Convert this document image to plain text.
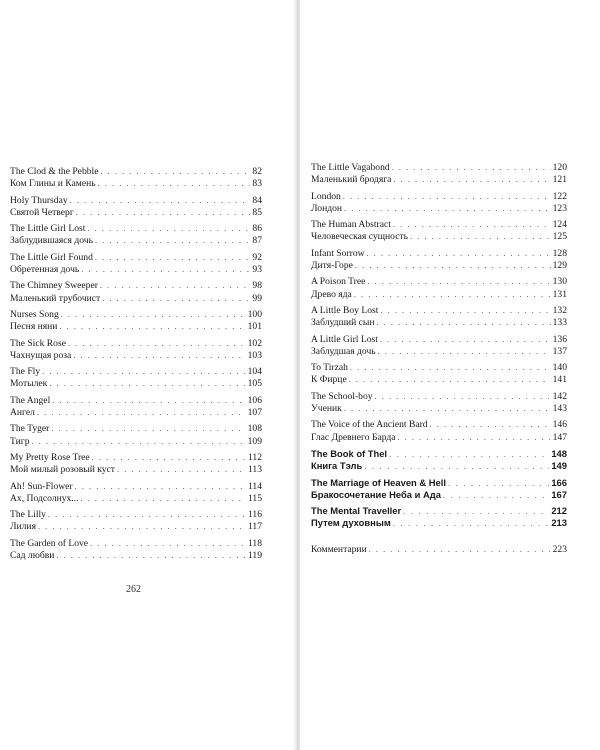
The Clod & the Pebble . . .	82
Ком Глины и Камень . . .	83
Holy Thursday . . .	84
Святой Четверг . . .	85
The Little Girl Lost . . .	86
Заблудившаяся дочь . . .	87
The Little Girl Found . . .	92
Обретенная дочь . . .	93
The Chimney Sweeper . . .	98
Маленький трубочист . . .	99
Nurses Song . . .	100
Песня няни . . .	101
The Sick Rose . . .	102
Чахнущая роза . . .	103
The Fly . . .	104
Мотылек . . .	105
The Angel . . .	106
Ангел . . .	107
The Tyger . . .	108
Тигр . . .	109
My Pretty Rose Tree . . .	112
Мой милый розовый куст . . .	113
Ah! Sun-Flower . . .	114
Ах, Подсолнух... . . .	115
The Lilly . . .	116
Лилия . . .	117
The Garden of Love . . .	118
Сад любви . . .	119
262
The Little Vagabond . . .	120
Маленький бродяга . . .	121
London . . .	122
Лондон . . .	123
The Human Abstract . . .	124
Человеческая сущность . . .	125
Infant Sorrow . . .	128
Дитя-Горе . . .	129
A Poison Tree . . .	130
Древо яда . . .	131
A Little Boy Lost . . .	132
Заблудший сын . . .	133
A Little Girl Lost . . .	136
Заблудшая дочь . . .	137
To Tirzah . . .	140
К Фирце . . .	141
The School-boy . . .	142
Ученик . . .	143
The Voice of the Ancient Bard . . .	146
Глас Древнего Барда . . .	147
The Book of Thel . . .	148
Книга Тэль . . .	149
The Marriage of Heaven & Hell . . .	166
Бракосочетание Неба и Ада . . .	167
The Mental Traveller . . .	212
Путем духовным . . .	213
Комментарии . . .	223
